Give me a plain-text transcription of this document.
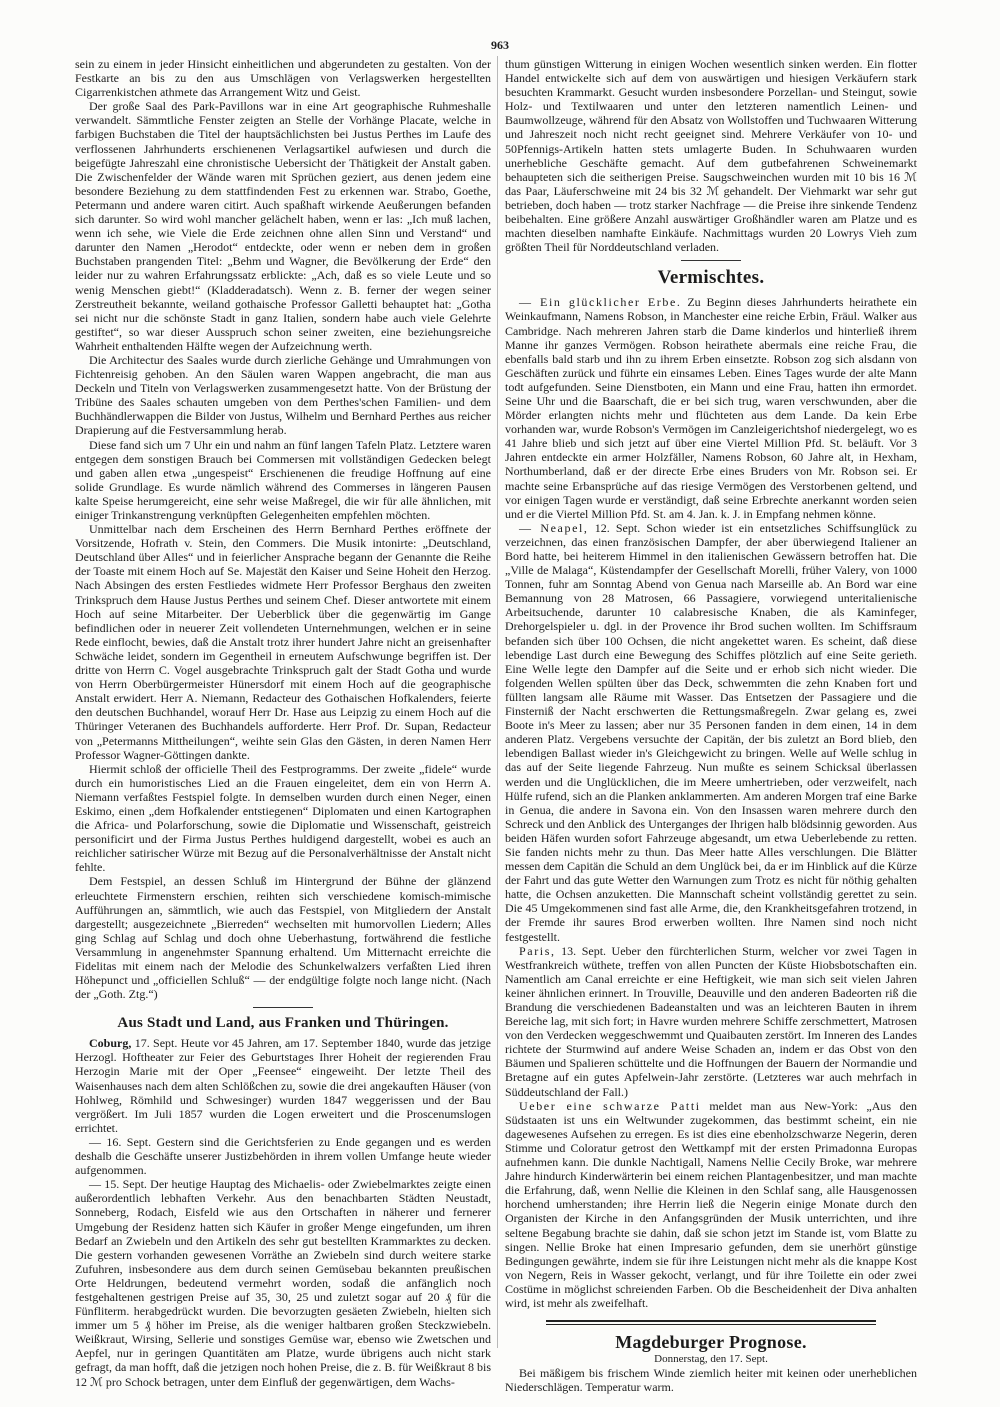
963

sein zu einem in jeder Hinsicht einheitlichen und abgerundeten zu gestalten. Von der Festkarte an bis zu den aus Umschlägen von Verlagswerken hergestellten Cigarrenkistchen athmete das Arrangement Witz und Geist.

Der große Saal des Park-Pavillons war in eine Art geographische Ruhmeshalle verwandelt. Sämmtliche Fenster zeigten an Stelle der Vorhänge Placate, welche in farbigen Buchstaben die Titel der hauptsächlichsten bei Justus Perthes im Laufe des verflossenen Jahrhunderts erschienenen Verlagsartikel aufwiesen und durch die beigefügte Jahreszahl eine chronistische Uebersicht der Thätigkeit der Anstalt gaben. Die Zwischenfelder der Wände waren mit Sprüchen geziert, aus denen jedem eine besondere Beziehung zu dem stattfindenden Fest zu erkennen war. Strabo, Goethe, Petermann und andere waren citirt. Auch spaßhaft wirkende Aeußerungen befanden sich darunter. So wird wohl mancher gelächelt haben, wenn er las: „Ich muß lachen, wenn ich sehe, wie Viele die Erde zeichnen ohne allen Sinn und Verstand“ und darunter den Namen „Herodot“ entdeckte, oder wenn er neben dem in großen Buchstaben prangenden Titel: „Behm und Wagner, die Bevölkerung der Erde“ den leider nur zu wahren Erfahrungssatz erblickte: „Ach, daß es so viele Leute und so wenig Menschen giebt!“ (Kladderadatsch). Wenn z. B. ferner der wegen seiner Zerstreutheit bekannte, weiland gothaische Professor Galletti behauptet hat: „Gotha sei nicht nur die schönste Stadt in ganz Italien, sondern habe auch viele Gelehrte gestiftet“, so war dieser Ausspruch schon seiner zweiten, eine beziehungsreiche Wahrheit enthaltenden Hälfte wegen der Aufzeichnung werth.

Die Architectur des Saales wurde durch zierliche Gehänge und Umrahmungen von Fichtenreisig gehoben. An den Säulen waren Wappen angebracht, die man aus Deckeln und Titeln von Verlagswerken zusammengesetzt hatte. Von der Brüstung der Tribüne des Saales schauten umgeben von dem Perthes'schen Familien- und dem Buchhändlerwappen die Bilder von Justus, Wilhelm und Bernhard Perthes aus reicher Drapierung auf die Festversammlung herab.

Diese fand sich um 7 Uhr ein und nahm an fünf langen Tafeln Platz. Letztere waren entgegen dem sonstigen Brauch bei Commersen mit vollständigen Gedecken belegt und gaben allen etwa „ungespeist“ Erschienenen die freudige Hoffnung auf eine solide Grundlage. Es wurde nämlich während des Commerses in längeren Pausen kalte Speise herumgereicht, eine sehr weise Maßregel, die wir für alle ähnlichen, mit einiger Trinkanstrengung verknüpften Gelegenheiten empfehlen möchten.

Unmittelbar nach dem Erscheinen des Herrn Bernhard Perthes eröffnete der Vorsitzende, Hofrath v. Stein, den Commers. Die Musik intonirte: „Deutschland, Deutschland über Alles“ und in feierlicher Ansprache begann der Genannte die Reihe der Toaste mit einem Hoch auf Se. Majestät den Kaiser und Seine Hoheit den Herzog. Nach Absingen des ersten Festliedes widmete Herr Professor Berghaus den zweiten Trinkspruch dem Hause Justus Perthes und seinem Chef. Dieser antwortete mit einem Hoch auf seine Mitarbeiter. Der Ueberblick über die gegenwärtig im Gange befindlichen oder in neuerer Zeit vollendeten Unternehmungen, welchen er in seine Rede einflocht, bewies, daß die Anstalt trotz ihrer hundert Jahre nicht an greisenhafter Schwäche leidet, sondern im Gegentheil in erneutem Aufschwunge begriffen ist. Der dritte von Herrn C. Vogel ausgebrachte Trinkspruch galt der Stadt Gotha und wurde von Herrn Oberbürgermeister Hünersdorf mit einem Hoch auf die geographische Anstalt erwidert. Herr A. Niemann, Redacteur des Gothaischen Hofkalenders, feierte den deutschen Buchhandel, worauf Herr Dr. Hase aus Leipzig zu einem Hoch auf die Thüringer Veteranen des Buchhandels aufforderte. Herr Prof. Dr. Supan, Redacteur von „Petermanns Mittheilungen“, weihte sein Glas den Gästen, in deren Namen Herr Professor Wagner-Göttingen dankte.

Hiermit schloß der officielle Theil des Festprogramms. Der zweite „fidele“ wurde durch ein humoristisches Lied an die Frauen eingeleitet, dem ein von Herrn A. Niemann verfaßtes Festspiel folgte. In demselben wurden durch einen Neger, einen Eskimo, einen „dem Hofkalender entstiegenen“ Diplomaten und einen Kartographen die Africa- und Polarforschung, sowie die Diplomatie und Wissenschaft, geistreich personificirt und der Firma Justus Perthes huldigend dargestellt, wobei es auch an reichlicher satirischer Würze mit Bezug auf die Personalverhältnisse der Anstalt nicht fehlte.

Dem Festspiel, an dessen Schluß im Hintergrund der Bühne der glänzend erleuchtete Firmenstern erschien, reihten sich verschiedene komisch-mimische Aufführungen an, sämmtlich, wie auch das Festspiel, von Mitgliedern der Anstalt dargestellt; ausgezeichnete „Bierreden“ wechselten mit humorvollen Liedern; Alles ging Schlag auf Schlag und doch ohne Ueberhastung, fortwährend die festliche Versammlung in angenehmster Spannung erhaltend. Um Mitternacht erreichte die Fidelitas mit einem nach der Melodie des Schunkelwalzers verfaßten Lied ihren Höhepunct und „officiellen Schluß“ — der endgültige folgte noch lange nicht. (Nach der „Goth. Ztg.“)

Aus Stadt und Land, aus Franken und Thüringen.

Coburg, 17. Sept. Heute vor 45 Jahren, am 17. September 1840, wurde das jetzige Herzogl. Hoftheater zur Feier des Geburtstages Ihrer Hoheit der regierenden Frau Herzogin Marie mit der Oper „Feensee“ eingeweiht. Der letzte Theil des Waisenhauses nach dem alten Schlößchen zu, sowie die drei angekauften Häuser (von Hohlweg, Römhild und Schwesinger) wurden 1847 weggerissen und der Bau vergrößert. Im Juli 1857 wurden die Logen erweitert und die Proscenumslogen errichtet.

— 16. Sept. Gestern sind die Gerichtsferien zu Ende gegangen und es werden deshalb die Geschäfte unserer Justizbehörden in ihrem vollen Umfange heute wieder aufgenommen.

— 15. Sept. Der heutige Hauptag des Michaelis- oder Zwiebelmarktes zeigte einen außerordentlich lebhaften Verkehr. Aus den benachbarten Städten Neustadt, Sonneberg, Rodach, Eisfeld wie aus den Ortschaften in näherer und fernerer Umgebung der Residenz hatten sich Käufer in großer Menge eingefunden, um ihren Bedarf an Zwiebeln und den Artikeln des sehr gut bestellten Krammarktes zu decken. Die gestern vorhanden gewesenen Vorräthe an Zwiebeln sind durch weitere starke Zufuhren, insbesondere aus dem durch seinen Gemüsebau bekannten preußischen Orte Heldrungen, bedeutend vermehrt worden, sodaß die anfänglich noch festgehaltenen gestrigen Preise auf 35, 30, 25 und zuletzt sogar auf 20 ₰ für die Fünfliterm. herabgedrückt wurden. Die bevorzugten gesäeten Zwiebeln, hielten sich immer um 5 ₰ höher im Preise, als die weniger haltbaren großen Steckzwiebeln. Weißkraut, Wirsing, Sellerie und sonstiges Gemüse war, ebenso wie Zwetschen und Aepfel, nur in geringen Quantitäten am Platze, wurde übrigens auch nicht stark gefragt, da man hofft, daß die jetzigen noch hohen Preise, die z. B. für Weißkraut 8 bis 12 ℳ pro Schock betragen, unter dem Einfluß der gegenwärtigen, dem Wachs-

thum günstigen Witterung in einigen Wochen wesentlich sinken werden. Ein flotter Handel entwickelte sich auf dem von auswärtigen und hiesigen Verkäufern stark besuchten Krammarkt. Gesucht wurden insbesondere Porzellan- und Steingut, sowie Holz- und Textilwaaren und unter den letzteren namentlich Leinen- und Baumwollzeuge, während für den Absatz von Wollstoffen und Tuchwaaren Witterung und Jahreszeit noch nicht recht geeignet sind. Mehrere Verkäufer von 10- und 50Pfennigs-Artikeln hatten stets umlagerte Buden. In Schuhwaaren wurden unerhebliche Geschäfte gemacht. Auf dem gutbefahrenen Schweinemarkt behaupteten sich die seitherigen Preise. Saugschweinchen wurden mit 10 bis 16 ℳ das Paar, Läuferschweine mit 24 bis 32 ℳ gehandelt. Der Viehmarkt war sehr gut betrieben, doch haben — trotz starker Nachfrage — die Preise ihre sinkende Tendenz beibehalten. Eine größere Anzahl auswärtiger Großhändler waren am Platze und es machten dieselben namhafte Einkäufe. Nachmittags wurden 20 Lowrys Vieh zum größten Theil für Norddeutschland verladen.

Vermischtes.

— Ein glücklicher Erbe. Zu Beginn dieses Jahrhunderts heirathete ein Weinkaufmann, Namens Robson, in Manchester eine reiche Erbin, Fräul. Walker aus Cambridge. Nach mehreren Jahren starb die Dame kinderlos und hinterließ ihrem Manne ihr ganzes Vermögen. Robson heirathete abermals eine reiche Frau, die ebenfalls bald starb und ihn zu ihrem Erben einsetzte. Robson zog sich alsdann von Geschäften zurück und führte ein einsames Leben. Eines Tages wurde der alte Mann todt aufgefunden. Seine Dienstboten, ein Mann und eine Frau, hatten ihn ermordet. Seine Uhr und die Baarschaft, die er bei sich trug, waren verschwunden, aber die Mörder erlangten nichts mehr und flüchteten aus dem Lande. Da kein Erbe vorhanden war, wurde Robson's Vermögen im Canzleigerichtshof niedergelegt, wo es 41 Jahre blieb und sich jetzt auf über eine Viertel Million Pfd. St. beläuft. Vor 3 Jahren entdeckte ein armer Holzfäller, Namens Robson, 60 Jahre alt, in Hexham, Northumberland, daß er der directe Erbe eines Bruders von Mr. Robson sei. Er machte seine Erbansprüche auf das riesige Vermögen des Verstorbenen geltend, und vor einigen Tagen wurde er verständigt, daß seine Erbrechte anerkannt worden seien und er die Viertel Million Pfd. St. am 4. Jan. k. J. in Empfang nehmen könne.

— Neapel, 12. Sept. Schon wieder ist ein entsetzliches Schiffsunglück zu verzeichnen, das einen französischen Dampfer, der aber überwiegend Italiener an Bord hatte, bei heiterem Himmel in den italienischen Gewässern betroffen hat. Die „Ville de Malaga“, Küstendampfer der Gesellschaft Morelli, früher Valery, von 1000 Tonnen, fuhr am Sonntag Abend von Genua nach Marseille ab. An Bord war eine Bemannung von 28 Matrosen, 66 Passagiere, vorwiegend unteritalienische Arbeitsuchende, darunter 10 calabresische Knaben, die als Kaminfeger, Drehorgelspieler u. dgl. in der Provence ihr Brod suchen wollten. Im Schiffsraum befanden sich über 100 Ochsen, die nicht angekettet waren. Es scheint, daß diese lebendige Last durch eine Bewegung des Schiffes plötzlich auf eine Seite gerieth. Eine Welle legte den Dampfer auf die Seite und er erhob sich nicht wieder. Die folgenden Wellen spülten über das Deck, schwemmten die zehn Knaben fort und füllten langsam alle Räume mit Wasser. Das Entsetzen der Passagiere und die Finsterniß der Nacht erschwerten die Rettungsmaßregeln. Zwar gelang es, zwei Boote in's Meer zu lassen; aber nur 35 Personen fanden in dem einen, 14 in dem anderen Platz. Vergebens versuchte der Capitän, der bis zuletzt an Bord blieb, den lebendigen Ballast wieder in's Gleichgewicht zu bringen. Welle auf Welle schlug in das auf der Seite liegende Fahrzeug. Nun mußte es seinem Schicksal überlassen werden und die Unglücklichen, die im Meere umhertrieben, oder verzweifelt, nach Hülfe rufend, sich an die Planken anklammerten. Am anderen Morgen traf eine Barke in Genua, die andere in Savona ein. Von den Insassen waren mehrere durch den Schreck und den Anblick des Unterganges der Ihrigen halb blödsinnig geworden. Aus beiden Häfen wurden sofort Fahrzeuge abgesandt, um etwa Ueberlebende zu retten. Sie fanden nichts mehr zu thun. Das Meer hatte Alles verschlungen. Die Blätter messen dem Capitän die Schuld an dem Unglück bei, da er im Hinblick auf die Kürze der Fahrt und das gute Wetter den Warnungen zum Trotz es nicht für nöthig gehalten hatte, die Ochsen anzuketten. Die Mannschaft scheint vollständig gerettet zu sein. Die 45 Umgekommenen sind fast alle Arme, die, den Krankheitsgefahren trotzend, in der Fremde ihr saures Brod erwerben wollten. Ihre Namen sind noch nicht festgestellt.

Paris, 13. Sept. Ueber den fürchterlichen Sturm, welcher vor zwei Tagen in Westfrankreich wüthete, treffen von allen Puncten der Küste Hiobsbotschaften ein. Namentlich am Canal erreichte er eine Heftigkeit, wie man sich seit vielen Jahren keiner ähnlichen erinnert. In Trouville, Deauville und den anderen Badeorten riß die Brandung die verschiedenen Badeanstalten und was an leichteren Bauten in ihrem Bereiche lag, mit sich fort; in Havre wurden mehrere Schiffe zerschmettert, Matrosen von den Verdecken weggeschwemmt und Quaibauten zerstört. Im Inneren des Landes richtete der Sturmwind auf andere Weise Schaden an, indem er das Obst von den Bäumen und Spalieren schüttelte und die Hoffnungen der Bauern der Normandie und Bretagne auf ein gutes Apfelwein-Jahr zerstörte. (Letzteres war auch mehrfach in Süddeutschland der Fall.)

Ueber eine schwarze Patti meldet man aus New-York: „Aus den Südstaaten ist uns ein Weltwunder zugekommen, das bestimmt scheint, ein nie dagewesenes Aufsehen zu erregen. Es ist dies eine ebenholzschwarze Negerin, deren Stimme und Coloratur getrost den Wettkampf mit der ersten Primadonna Europas aufnehmen kann. Die dunkle Nachtigall, Namens Nellie Cecily Broke, war mehrere Jahre hindurch Kinderwärterin bei einem reichen Plantagenbesitzer, und man machte die Erfahrung, daß, wenn Nellie die Kleinen in den Schlaf sang, alle Hausgenossen horchend umherstanden; ihre Herrin ließ die Negerin einige Monate durch den Organisten der Kirche in den Anfangsgründen der Musik unterrichten, und ihre seltene Begabung brachte sie dahin, daß sie schon jetzt im Stande ist, vom Blatte zu singen. Nellie Broke hat einen Impresario gefunden, dem sie unerhört günstige Bedingungen gewährte, indem sie für ihre Leistungen nicht mehr als die knappe Kost von Negern, Reis in Wasser gekocht, verlangt, und für ihre Toilette ein oder zwei Costüme in möglichst schreienden Farben. Ob die Bescheidenheit der Diva anhalten wird, ist mehr als zweifelhaft.

Magdeburger Prognose.
Donnerstag, den 17. Sept.

Bei mäßigem bis frischem Winde ziemlich heiter mit keinen oder unerheblichen Niederschlägen. Temperatur warm.
